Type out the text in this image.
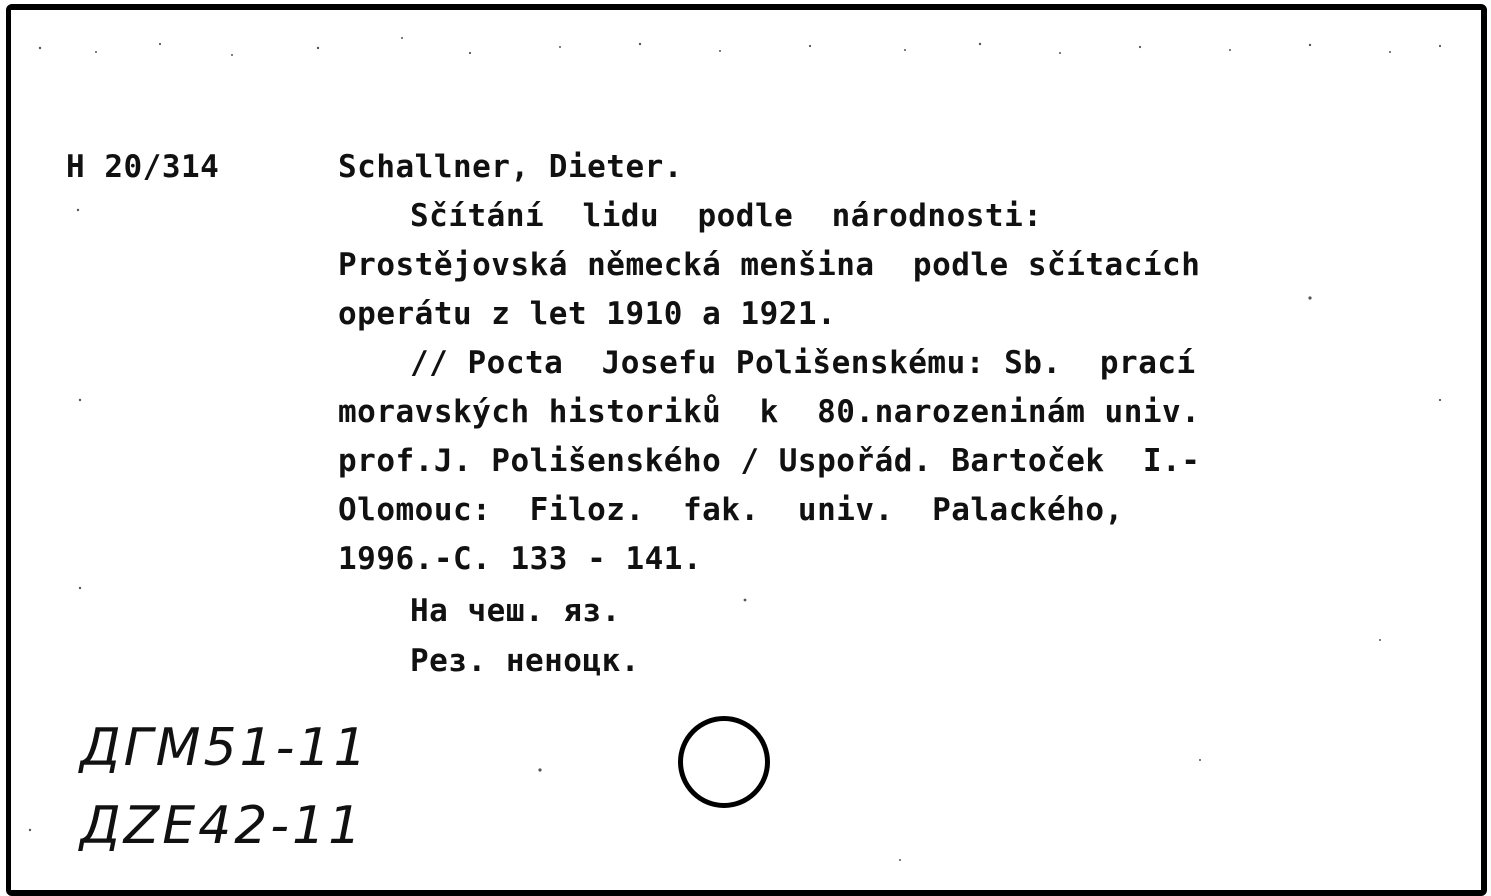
H 20/314	Schallner, Dieter.
Sčítání  lidu  podle  národnosti:
Prostějovská německá menšina  podle sčítacích
operátu z let 1910 a 1921.
// Pocta  Josefu Polišenskému: Sb.  prací
moravských historiků  k  80.narozeninám univ.
prof.J. Polišenského / Uspořád. Bartoček  I.-
Olomouc:  Filoz.  fak.  univ.  Palackého,
1996.-C. 133 - 141.
На чеш. яз.
Рез. неноцк.
ДГМ51-11
ДZЕ42-11
